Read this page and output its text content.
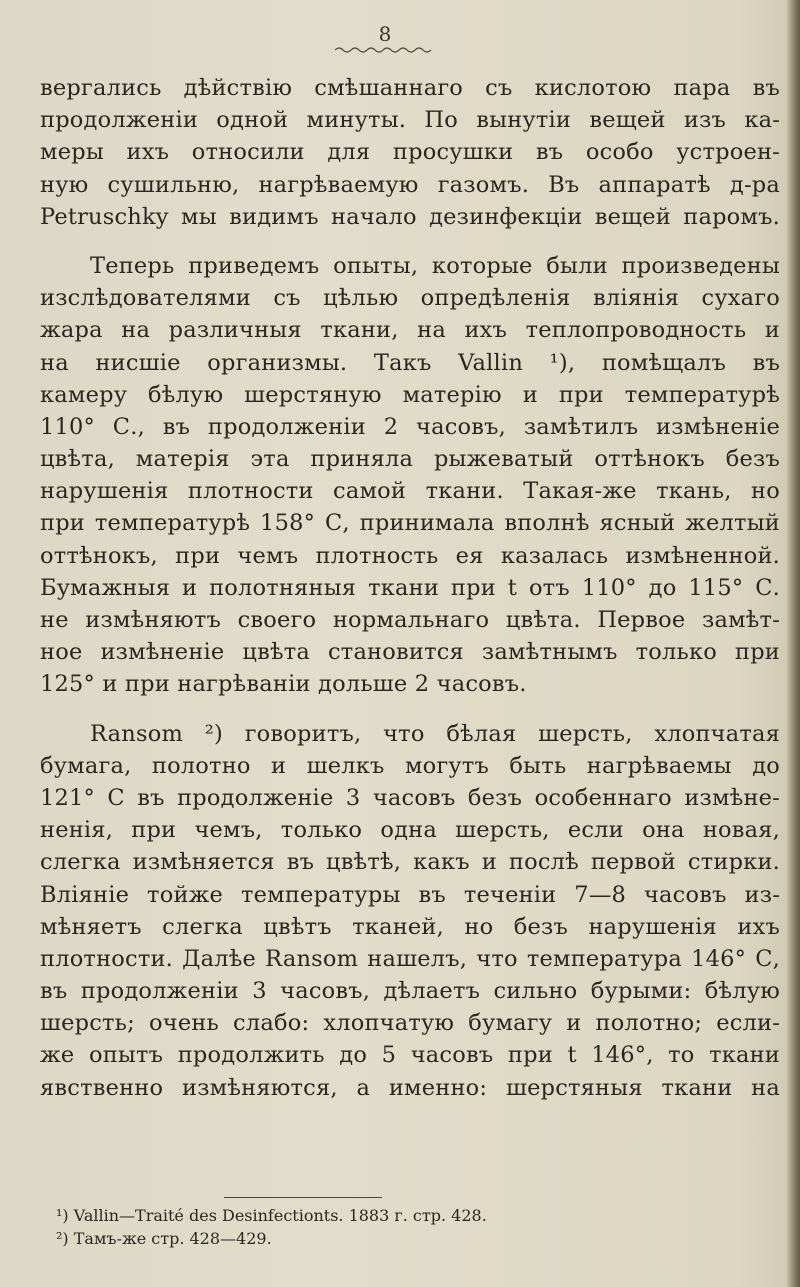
8
вергались дѣйствію смѣшаннаго съ кислотою пара въ
продолженіи одной минуты. По вынутіи вещей изъ ка-
меры ихъ относили для просушки въ особо устроен-
ную сушильню, нагрѣваемую газомъ. Въ аппаратѣ д-ра
Petruschky мы видимъ начало дезинфекціи вещей паромъ.
Теперь приведемъ опыты, которые были произведены
изслѣдователями съ цѣлью опредѣленія вліянія сухаго
жара на различныя ткани, на ихъ теплопроводность и
на нисшіе организмы. Такъ Vallin ¹), помѣщалъ въ
камеру бѣлую шерстяную матерію и при температурѣ
110° С., въ продолженіи 2 часовъ, замѣтилъ измѣненіе
цвѣта, матерія эта приняла рыжеватый оттѣнокъ безъ
нарушенія плотности самой ткани. Такая-же ткань, но
при температурѣ 158° С, принимала вполнѣ ясный желтый
оттѣнокъ, при чемъ плотность ея казалась измѣненной.
Бумажныя и полотняныя ткани при t отъ 110° до 115° С.
не измѣняютъ своего нормальнаго цвѣта. Первое замѣт-
ное измѣненіе цвѣта становится замѣтнымъ только при
125° и при нагрѣваніи дольше 2 часовъ.
Ransom ²) говоритъ, что бѣлая шерсть, хлопчатая
бумага, полотно и шелкъ могутъ быть нагрѣваемы до
121° С въ продолженіе 3 часовъ безъ особеннаго измѣне-
ненія, при чемъ, только одна шерсть, если она новая,
слегка измѣняется въ цвѣтѣ, какъ и послѣ первой стирки.
Вліяніе тойже температуры въ теченіи 7—8 часовъ из-
мѣняетъ слегка цвѣтъ тканей, но безъ нарушенія ихъ
плотности. Далѣе Ransom нашелъ, что температура 146° С,
въ продолженіи 3 часовъ, дѣлаетъ сильно бурыми: бѣлую
шерсть; очень слабо: хлопчатую бумагу и полотно; если-
же опытъ продолжить до 5 часовъ при t 146°, то ткани
явственно измѣняются, а именно: шерстяныя ткани на
¹) Vallin—Traité des Desinfectionts. 1883 г. стр. 428.
²) Тамъ-же стр. 428—429.
